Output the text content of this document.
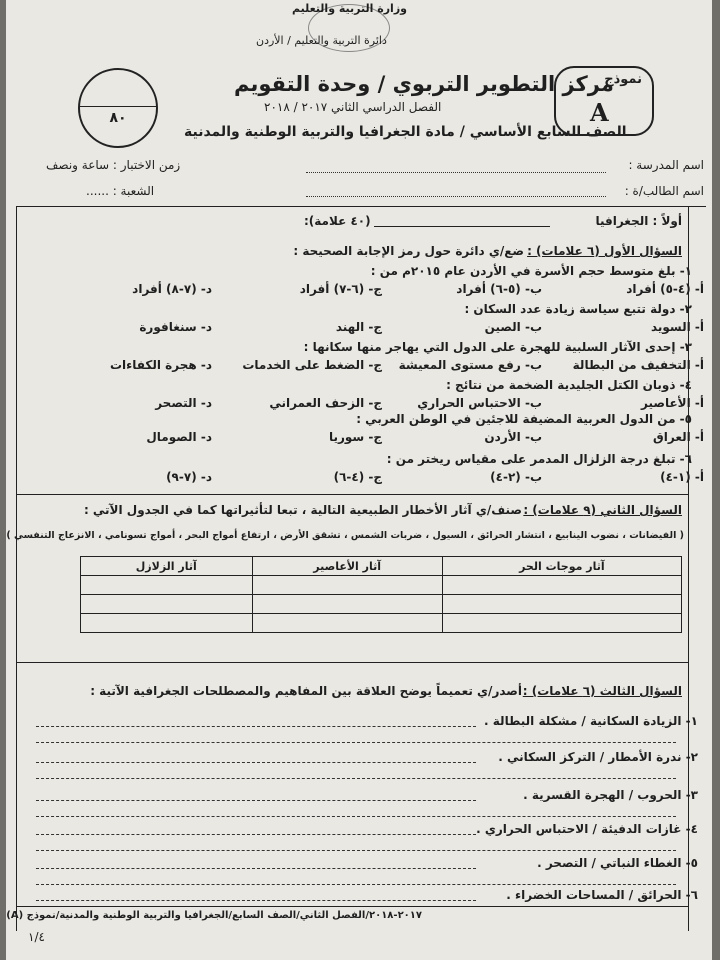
وزارة التربية والتعليم
دائرة التربية والتعليم / الأردن
مركز التطوير التربوي / وحدة التقويم
الفصل الدراسي الثاني ٢٠١٧ / ٢٠١٨
الصف السابع الأساسي / مادة الجغرافيا والتربية الوطنية والمدنية
٨٠
نموذج
A
اسم المدرسة :
زمن الاختبار : ساعة ونصف
اسم الطالب/ة :
الشعبة : ......
أولاً : الجغرافيا
(٤٠ علامة):
السؤال الأول (٦ علامات) :
ضع/ي دائرة حول رمز الإجابة الصحيحة :
السؤال الثاني (٩ علامات) :
صنف/ي آثار الأخطار الطبيعية التالية ، تبعا لتأثيراتها كما في الجدول الآتي :
( الفيضانات ، نضوب الينابيع ، انتشار الحرائق ، السيول ، ضربات الشمس ، تشقق الأرض ، ارتفاع أمواج البحر ، أمواج تسونامي ، الانزعاج التنفسي )
آثار موجات الحر	آثار الأعاصير	آثار الزلازل

السؤال الثالث (٦ علامات) :
أصدر/ي تعميماً يوضح العلاقة بين المفاهيم والمصطلحات الجغرافية الآتية :
٢٠١٧-٢٠١٨/الفصل الثاني/الصف السابع/الجغرافيا والتربية الوطنية والمدنية/نموذج (A)
١/٤
١- بلغ متوسط حجم الأسرة في الأردن عام ٢٠١٥م من :
أ- (٤-٥) أفراد
ب- (٥-٦) أفراد
ج- (٦-٧) أفراد
د- (٧-٨) أفراد
٢- دولة تتبع سياسة زيادة عدد السكان :
أ- السويد
ب- الصين
ج- الهند
د- سنغافورة
٣- إحدى الآثار السلبية للهجرة على الدول التي يهاجر منها سكانها :
أ- التخفيف من البطالة
ب- رفع مستوى المعيشة
ج- الضغط على الخدمات
د- هجرة الكفاءات
٤- ذوبان الكتل الجليدية الضخمة من نتائج :
أ- الأعاصير
ب- الاحتباس الحراري
ج- الزحف العمراني
د- التصحر
٥- من الدول العربية المضيفة للاجئين في الوطن العربي :
أ- العراق
ب- الأردن
ج- سوريا
د- الصومال
٦- تبلغ درجة الزلزال المدمر على مقياس ريختر من :
أ- (١-٤)
ب- (٢-٤)
ج- (٤-٦)
د- (٧-٩)
١- الزيادة السكانية / مشكلة البطالة .
٢- ندرة الأمطار / التركز السكاني .
٣- الحروب / الهجرة القسرية .
٤- غازات الدفيئة / الاحتباس الحراري .
٥- الغطاء النباتي / التصحر .
٦- الحرائق / المساحات الخضراء .
